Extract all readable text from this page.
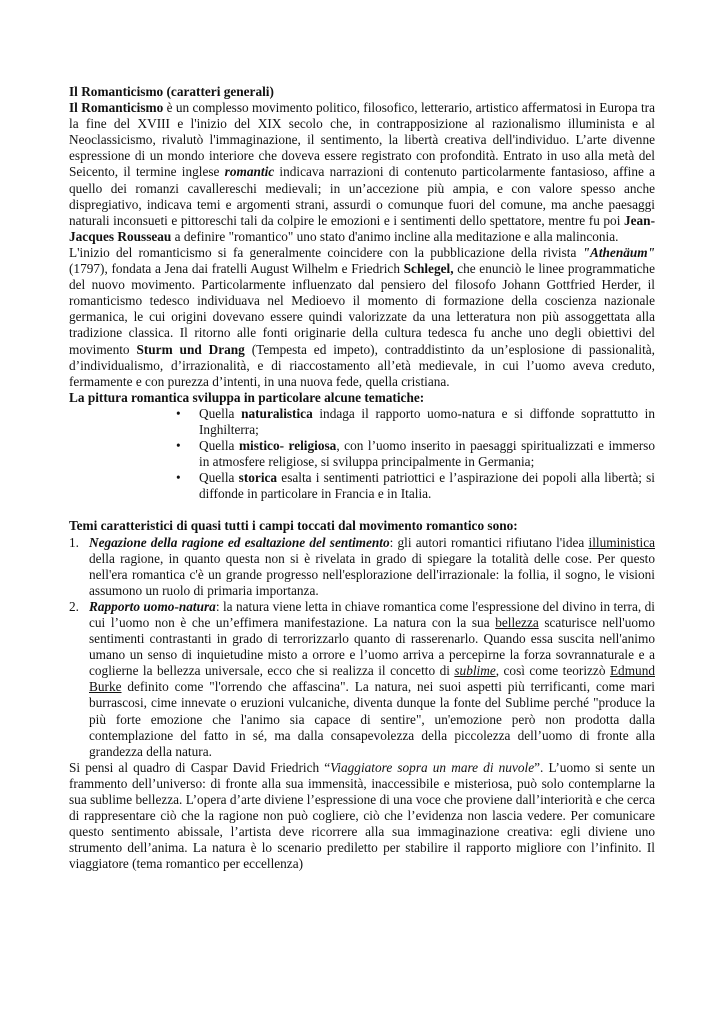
Il Romanticismo (caratteri generali)

Il Romanticismo è un complesso movimento politico, filosofico, letterario, artistico affermatosi in Europa tra la fine del XVIII e l'inizio del XIX secolo che, in contrapposizione al razionalismo illuminista e al Neoclassicismo, rivalutò l'immaginazione, il sentimento, la libertà creativa dell'individuo. L’arte divenne espressione di un mondo interiore che doveva essere registrato con profondità. Entrato in uso alla metà del Seicento, il termine inglese romantic indicava narrazioni di contenuto particolarmente fantasioso, affine a quello dei romanzi cavallereschi medievali; in un’accezione più ampia, e con valore spesso anche dispregiativo, indicava temi e argomenti strani, assurdi o comunque fuori del comune, ma anche paesaggi naturali inconsueti e pittoreschi tali da colpire le emozioni e i sentimenti dello spettatore, mentre fu poi Jean-Jacques Rousseau a definire "romantico" uno stato d'animo incline alla meditazione e alla malinconia.

L'inizio del romanticismo si fa generalmente coincidere con la pubblicazione della rivista "Athenäum" (1797), fondata a Jena dai fratelli August Wilhelm e Friedrich Schlegel, che enunciò le linee programmatiche del nuovo movimento. Particolarmente influenzato dal pensiero del filosofo Johann Gottfried Herder, il romanticismo tedesco individuava nel Medioevo il momento di formazione della coscienza nazionale germanica, le cui origini dovevano essere quindi valorizzate da una letteratura non più assoggettata alla tradizione classica. Il ritorno alle fonti originarie della cultura tedesca fu anche uno degli obiettivi del movimento Sturm und Drang (Tempesta ed impeto), contraddistinto da un’esplosione di passionalità, d’individualismo, d’irrazionalità, e di riaccostamento all’età medievale, in cui l’uomo aveva creduto, fermamente e con purezza d’intenti, in una nuova fede, quella cristiana.

La pittura romantica sviluppa in particolare alcune tematiche:

• Quella naturalistica indaga il rapporto uomo-natura e si diffonde soprattutto in Inghilterra;
• Quella mistico- religiosa, con l’uomo inserito in paesaggi spiritualizzati e immerso in atmosfere religiose, si sviluppa principalmente in Germania;
• Quella storica esalta i sentimenti patriottici e l’aspirazione dei popoli alla libertà; si diffonde in particolare in Francia e in Italia.

Temi caratteristici di quasi tutti i campi toccati dal movimento romantico sono:

1. Negazione della ragione ed esaltazione del sentimento: gli autori romantici rifiutano l'idea illuministica della ragione, in quanto questa non si è rivelata in grado di spiegare la totalità delle cose. Per questo nell'era romantica c'è un grande progresso nell'esplorazione dell'irrazionale: la follia, il sogno, le visioni assumono un ruolo di primaria importanza.
2. Rapporto uomo-natura: la natura viene letta in chiave romantica come l'espressione del divino in terra, di cui l’uomo non è che un’effimera manifestazione. La natura con la sua bellezza scaturisce nell'uomo sentimenti contrastanti in grado di terrorizzarlo quanto di rasserenarlo. Quando essa suscita nell'animo umano un senso di inquietudine misto a orrore e l’uomo arriva a percepirne la forza sovrannaturale e a coglierne la bellezza universale, ecco che si realizza il concetto di sublime, così come teorizzò Edmund Burke definito come "l'orrendo che affascina". La natura, nei suoi aspetti più terrificanti, come mari burrascosi, cime innevate o eruzioni vulcaniche, diventa dunque la fonte del Sublime perché "produce la più forte emozione che l'animo sia capace di sentire", un'emozione però non prodotta dalla contemplazione del fatto in sé, ma dalla consapevolezza della piccolezza dell’uomo di fronte alla grandezza della natura.

Si pensi al quadro di Caspar David Friedrich “Viaggiatore sopra un mare di nuvole”. L’uomo si sente un frammento dell’universo: di fronte alla sua immensità, inaccessibile e misteriosa, può solo contemplarne la sua sublime bellezza. L’opera d’arte diviene l’espressione di una voce che proviene dall’interiorità e che cerca di rappresentare ciò che la ragione non può cogliere, ciò che l’evidenza non lascia vedere. Per comunicare questo sentimento abissale, l’artista deve ricorrere alla sua immaginazione creativa: egli diviene uno strumento dell’anima. La natura è lo scenario prediletto per stabilire il rapporto migliore con l’infinito. Il viaggiatore (tema romantico per eccellenza)
